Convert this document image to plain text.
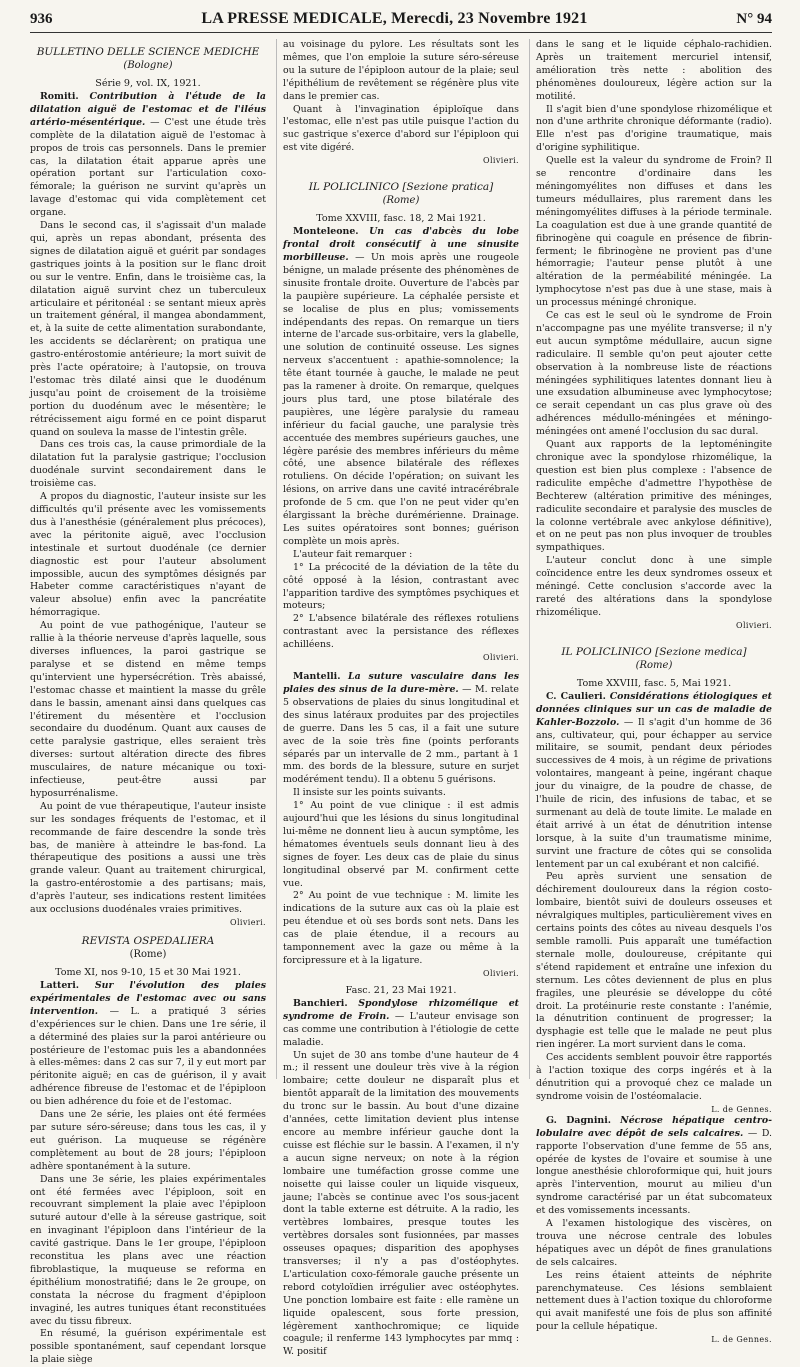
936	LA PRESSE MEDICALE, Merecdi, 23 Novembre 1921	N° 94
BULLETINO DELLE SCIENCE MEDICHE
(Bologne)
Série 9, vol. IX, 1921.

Romiti. Contribution à l'étude de la dilatation aiguë de l'estomac et de l'iléus artério-mésentérique. — C'est une étude très complète de la dilatation aiguë de l'estomac à propos de trois cas personnels. Dans le premier cas, la dilatation était apparue après une opération portant sur l'articulation coxo-fémorale; la guérison ne survint qu'après un lavage d'estomac qui vida complètement cet organe.

Dans le second cas, il s'agissait d'un malade qui, après un repas abondant, présenta des signes de dilatation aiguë et guérit par sondages gastriques joints à la position sur le flanc droit ou sur le ventre. Enfin, dans le troisième cas, la dilatation aiguë survint chez un tuberculeux articulaire et péritonéal : se sentant mieux après un traitement général, il mangea abondamment, et, à la suite de cette alimentation surabondante, les accidents se déclarèrent; on pratiqua une gastro-entérostomie antérieure; la mort suivit de près l'acte opératoire; à l'autopsie, on trouva l'estomac très dilaté ainsi que le duodénum jusqu'au point de croisement de la troisième portion du duodénum avec le mésentère; le rétrécissement aigu formé en ce point disparut quand on souleva la masse de l'intestin grêle.

Dans ces trois cas, la cause primordiale de la dilatation fut la paralysie gastrique; l'occlusion duodénale survint secondairement dans le troisième cas.

A propos du diagnostic, l'auteur insiste sur les difficultés qu'il présente avec les vomissements dus à l'anesthésie (généralement plus précoces), avec la péritonite aiguë, avec l'occlusion intestinale et surtout duodénale (ce dernier diagnostic est pour l'auteur absolument impossible, aucun des symptômes désignés par Habeter comme caractéristiques n'ayant de valeur absolue) enfin avec la pancréatite hémorragique.

Au point de vue pathogénique, l'auteur se rallie à la théorie nerveuse d'après laquelle, sous diverses influences, la paroi gastrique se paralyse et se distend en même temps qu'intervient une hypersécrétion. Très abaissé, l'estomac chasse et maintient la masse du grêle dans le bassin, amenant ainsi dans quelques cas l'étirement du mésentère et l'occlusion secondaire du duodénum. Quant aux causes de cette paralysie gastrique, elles seraient très diverses: surtout altération directe des fibres musculaires, de nature mécanique ou toxi-infectieuse, peut-être aussi par hyposurrénalisme.

Au point de vue thérapeutique, l'auteur insiste sur les sondages fréquents de l'estomac, et il recommande de faire descendre la sonde très bas, de manière à atteindre le bas-fond. La thérapeutique des positions a aussi une très grande valeur. Quant au traitement chirurgical, la gastro-entérostomie a des partisans; mais, d'après l'auteur, ses indications restent limitées aux occlusions duodénales vraies primitives.

Olivieri.
REVISTA OSPEDALIERA
(Rome)
Tome XI, nos 9-10, 15 et 30 Mai 1921.

Latteri. Sur l'évolution des plaies expérimentales de l'estomac avec ou sans intervention. — L. a pratiqué 3 séries d'expériences sur le chien. Dans une 1re série, il a déterminé des plaies sur la paroi antérieure ou postérieure de l'estomac puis les a abandonnées à elles-mêmes: dans 2 cas sur 7, il y eut mort par péritonite aiguë; en cas de guérison, il y avait adhérence fibreuse de l'estomac et de l'épiploon ou bien adhérence du foie et de l'estomac.

Dans une 2e série, les plaies ont été fermées par suture séro-séreuse; dans tous les cas, il y eut guérison. La muqueuse se régénère complètement au bout de 28 jours; l'épiploon adhère spontanément à la suture.

Dans une 3e série, les plaies expérimentales ont été fermées avec l'épiploon, soit en recouvrant simplement la plaie avec l'épiploon suturé autour d'elle à la séreuse gastrique, soit en invaginant l'épiploon dans l'intérieur de la cavité gastrique. Dans le 1er groupe, l'épiploon reconstitua les plans avec une réaction fibroblastique, la muqueuse se reforma en épithélium monostratifié; dans le 2e groupe, on constata la nécrose du fragment d'épiploon invaginé, les autres tuniques étant reconstituées avec du tissu fibreux.

En résumé, la guérison expérimentale est possible spontanément, sauf cependant lorsque la plaie siège

au voisinage du pylore. Les résultats sont les mêmes, que l'on emploie la suture séro-séreuse ou la suture de l'épiploon autour de la plaie; seul l'épithélium de revêtement se régénère plus vite dans le premier cas.

Quant à l'invagination épiploïque dans l'estomac, elle n'est pas utile puisque l'action du suc gastrique s'exerce d'abord sur l'épiploon qui est vite digéré.

Olivieri.
IL POLICLINICO [Sezione pratica]
(Rome)
Tome XXVIII, fasc. 18, 2 Mai 1921.

Monteleone. Un cas d'abcès du lobe frontal droit consécutif à une sinusite morbilleuse. — Un mois après une rougeole bénigne, un malade présente des phénomènes de sinusite frontale droite. Ouverture de l'abcès par la paupière supérieure. La céphalée persiste et se localise de plus en plus; vomissements indépendants des repas. On remarque un tiers interne de l'arcade sus-orbitaire, vers la glabelle, une solution de continuité osseuse. Les signes nerveux s'accentuent : apathie-somnolence; la tête étant tournée à gauche, le malade ne peut pas la ramener à droite. On remarque, quelques jours plus tard, une ptose bilatérale des paupières, une légère paralysie du rameau inférieur du facial gauche, une paralysie très accentuée des membres supérieurs gauches, une légère parésie des membres inférieurs du même côté, une absence bilatérale des réflexes rotuliens. On décide l'opération; on suivant les lésions, on arrive dans une cavité intracérébrale profonde de 5 cm. que l'on ne peut vider qu'en élargissant la brèche durémérienne. Drainage. Les suites opératoires sont bonnes; guérison complète un mois après.

L'auteur fait remarquer :

1° La précocité de la déviation de la tête du côté opposé à la lésion, contrastant avec l'apparition tardive des symptômes psychiques et moteurs;

2° L'absence bilatérale des réflexes rotuliens contrastant avec la persistance des réflexes achilléens.

Olivieri.

Mantelli. La suture vasculaire dans les plaies des sinus de la dure-mère. — M. relate 5 observations de plaies du sinus longitudinal et des sinus latéraux produites par des projectiles de guerre. Dans les 5 cas, il a fait une suture avec de la soie très fine (points perforants séparés par un intervalle de 2 mm., partant à 1 mm. des bords de la blessure, suture en surjet modérément tendu). Il a obtenu 5 guérisons.

Il insiste sur les points suivants.

1° Au point de vue clinique : il est admis aujourd'hui que les lésions du sinus longitudinal lui-même ne donnent lieu à aucun symptôme, les hématomes éventuels seuls donnant lieu à des signes de foyer. Les deux cas de plaie du sinus longitudinal observé par M. confirment cette vue.

2° Au point de vue technique : M. limite les indications de la suture aux cas où la plaie est peu étendue et où ses bords sont nets. Dans les cas de plaie étendue, il a recours au tamponnement avec la gaze ou même à la forcipressure et à la ligature.

Olivieri.
Fasc. 21, 23 Mai 1921.

Banchieri. Spondylose rhizomélique et syndrome de Froin. — L'auteur envisage son cas comme une contribution à l'étiologie de cette maladie.

Un sujet de 30 ans tombe d'une hauteur de 4 m.; il ressent une douleur très vive à la région lombaire; cette douleur ne disparaît plus et bientôt apparaît de la limitation des mouvements du tronc sur le bassin. Au bout d'une dizaine d'années, cette limitation devient plus intense encore au membre inférieur gauche dont la cuisse est fléchie sur le bassin. A l'examen, il n'y a aucun signe nerveux; on note à la région lombaire une tuméfaction grosse comme une noisette qui laisse couler un liquide visqueux, jaune; l'abcès se continue avec l'os sous-jacent dont la table externe est détruite. A la radio, les vertèbres lombaires, presque toutes les vertèbres dorsales sont fusionnées, par masses osseuses opaques; disparition des apophyses transverses; il n'y a pas d'ostéophytes. L'articulation coxo-fémorale gauche présente un rebord cotyloïdien irrégulier avec ostéophytes. Une ponction lombaire est faite : elle ramène un liquide opalescent, sous forte pression, légèrement xanthochromique; ce liquide coagule; il renferme 143 lymphocytes par mmq : W. positif

dans le sang et le liquide céphalo-rachidien. Après un traitement mercuriel intensif, amélioration très nette : abolition des phénomènes douloureux, légère action sur la motilité.

Il s'agit bien d'une spondylose rhizomélique et non d'une arthrite chronique déformante (radio). Elle n'est pas d'origine traumatique, mais d'origine syphilitique.

Quelle est la valeur du syndrome de Froin? Il se rencontre d'ordinaire dans les méningomyélites non diffuses et dans les tumeurs médullaires, plus rarement dans les méningomyélites diffuses à la période terminale. La coagulation est due à une grande quantité de fibrinogène qui coagule en présence de fibrin-ferment; le fibrinogène ne provient pas d'une hémorragie; l'auteur pense plutôt à une altération de la perméabilité méningée. La lymphocytose n'est pas due à une stase, mais à un processus méningé chronique.

Ce cas est le seul où le syndrome de Froin n'accompagne pas une myélite transverse; il n'y eut aucun symptôme médullaire, aucun signe radiculaire. Il semble qu'on peut ajouter cette observation à la nombreuse liste de réactions méningées syphilitiques latentes donnant lieu à une exsudation albumineuse avec lymphocytose; ce serait cependant un cas plus grave où des adhérences médullo-méningées et méningo-méningées ont amené l'occlusion du sac dural.

Quant aux rapports de la leptoméningite chronique avec la spondylose rhizomélique, la question est bien plus complexe : l'absence de radiculite empêche d'admettre l'hypothèse de Bechterew (altération primitive des méninges, radiculite secondaire et paralysie des muscles de la colonne vertébrale avec ankylose définitive), et on ne peut pas non plus invoquer de troubles sympathiques.

L'auteur conclut donc à une simple coïncidence entre les deux syndromes osseux et méningé. Cette conclusion s'accorde avec la rareté des altérations dans la spondylose rhizomélique.

Olivieri.
IL POLICLINICO [Sezione medica]
(Rome)
Tome XXVIII, fasc. 5, Mai 1921.

C. Caulieri. Considérations étiologiques et données cliniques sur un cas de maladie de Kahler-Bozzolo. — Il s'agit d'un homme de 36 ans, cultivateur, qui, pour échapper au service militaire, se soumit, pendant deux périodes successives de 4 mois, à un régime de privations volontaires, mangeant à peine, ingérant chaque jour du vinaigre, de la poudre de chasse, de l'huile de ricin, des infusions de tabac, et se surmenant au delà de toute limite. Le malade en était arrivé à un état de dénutrition intense lorsque, à la suite d'un traumatisme minime, survint une fracture de côtes qui se consolida lentement par un cal exubérant et non calcifié.

Peu après survient une sensation de déchirement douloureux dans la région costo-lombaire, bientôt suivi de douleurs osseuses et névralgiques multiples, particulièrement vives en certains points des côtes au niveau desquels l'os semble ramolli. Puis apparaît une tuméfaction sternale molle, douloureuse, crépitante qui s'étend rapidement et entraîne une infexion du sternum. Les côtes deviennent de plus en plus fragiles, une pleurésie se développe du côté droit. La protéinurie reste constante : l'anémie, la dénutrition continuent de progresser; la dysphagie est telle que le malade ne peut plus rien ingérer. La mort survient dans le coma.

Ces accidents semblent pouvoir être rapportés à l'action toxique des corps ingérés et à la dénutrition qui a provoqué chez ce malade un syndrome voisin de l'ostéomalacie.

L. de Gennes.

G. Dagnini. Nécrose hépatique centro-lobulaire avec dépôt de sels calcaires. — D. rapporte l'observation d'une femme de 55 ans, opérée de kystes de l'ovaire et soumise à une longue anesthésie chloroformique qui, huit jours après l'intervention, mourut au milieu d'un syndrome caractérisé par un état subcomateux et des vomissements incessants.

A l'examen histologique des viscères, on trouva une nécrose centrale des lobules hépatiques avec un dépôt de fines granulations de sels calcaires.

Les reins étaient atteints de néphrite parenchymateuse. Ces lésions semblaient nettement dues à l'action toxique du chloroforme qui avait manifesté une fois de plus son affinité pour la cellule hépatique.

L. de Gennes.
